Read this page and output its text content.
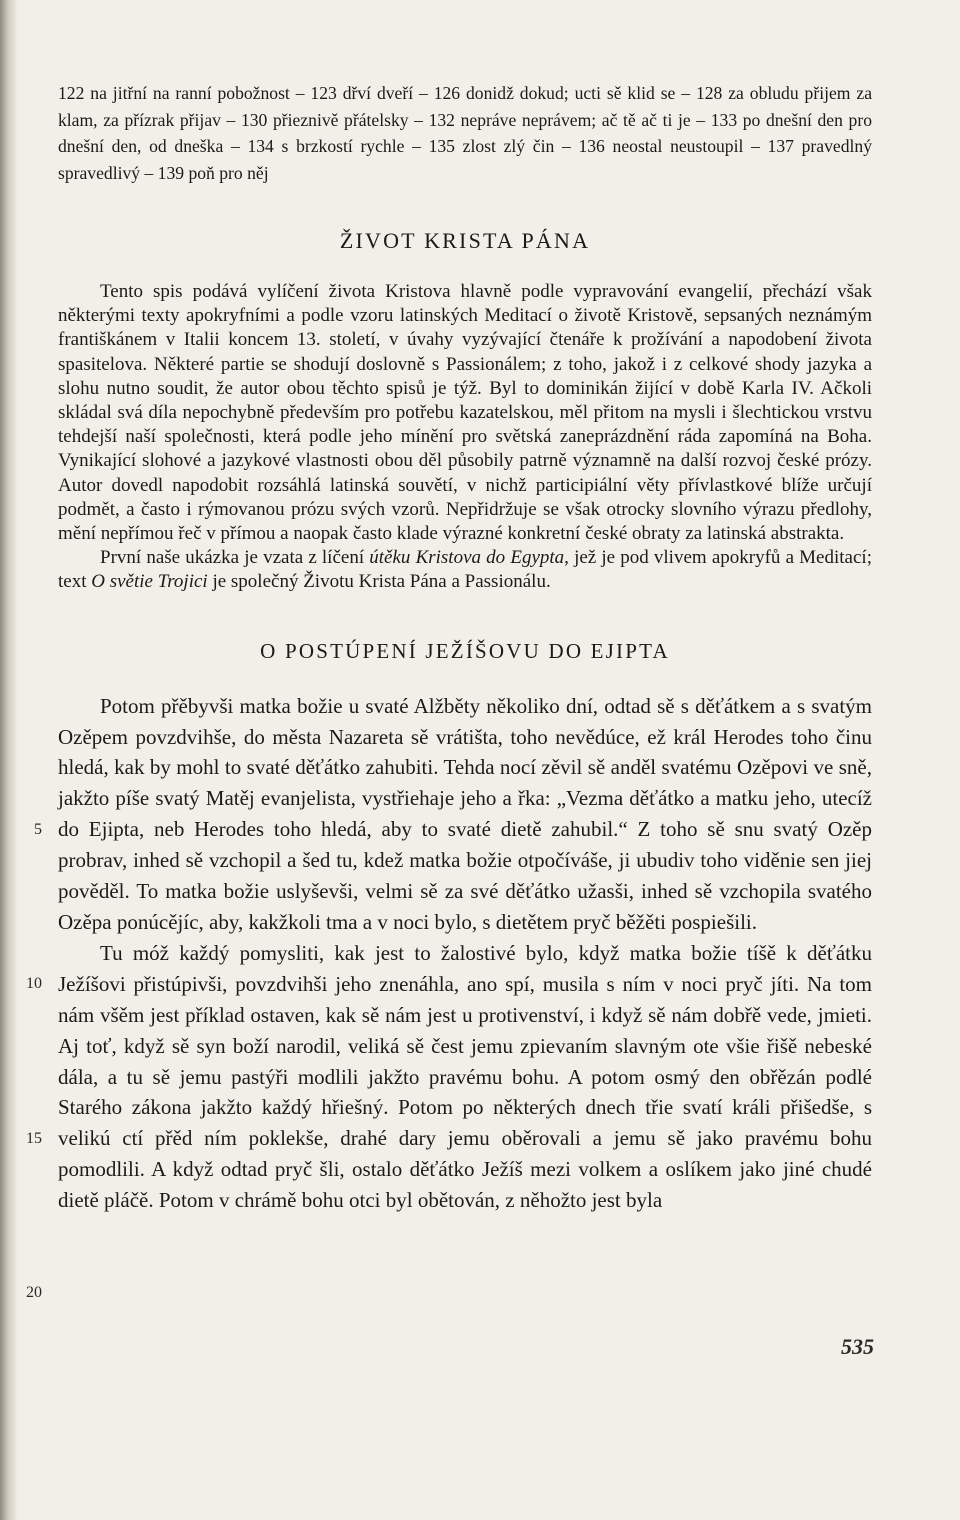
122 na jitřní na ranní pobožnost – 123 dřví dveří – 126 donidž dokud; ucti sě klid se – 128 za obludu přijem za klam, za přízrak přijav – 130 přieznivě přátelsky – 132 nepráve neprávem; ač tě ač ti je – 133 po dnešní den pro dnešní den, od dneška – 134 s brzkostí rychle – 135 zlost zlý čin – 136 neostal neustoupil – 137 pravedlný spravedlivý – 139 poň pro něj

ŽIVOT KRISTA PÁNA

Tento spis podává vylíčení života Kristova hlavně podle vypravování evangelií, přechází však některými texty apokryfními a podle vzoru latinských Meditací o životě Kristově, sepsaných neznámým františkánem v Italii koncem 13. století, v úvahy vyzývající čtenáře k prožívání a napodobení života spasitelova. Některé partie se shodují doslovně s Passionálem; z toho, jakož i z celkové shody jazyka a slohu nutno soudit, že autor obou těchto spisů je týž. Byl to dominikán žijící v době Karla IV. Ačkoli skládal svá díla nepochybně především pro potřebu kazatelskou, měl přitom na mysli i šlechtickou vrstvu tehdejší naší společnosti, která podle jeho mínění pro světská zaneprázdnění ráda zapomíná na Boha. Vynikající slohové a jazykové vlastnosti obou děl působily patrně významně na další rozvoj české prózy. Autor dovedl napodobit rozsáhlá latinská souvětí, v nichž participiální věty přívlastkové blíže určují podmět, a často i rýmovanou prózu svých vzorů. Nepřidržuje se však otrocky slovního výrazu předlohy, mění nepřímou řeč v přímou a naopak často klade výrazné konkretní české obraty za latinská abstrakta.

První naše ukázka je vzata z líčení útěku Kristova do Egypta, jež je pod vlivem apokryfů a Meditací; text O světie Trojici je společný Životu Krista Pána a Passionálu.

O POSTÚPENÍ JEŽÍŠOVU DO EJIPTA
5
10
15
20

Potom přěbyvši matka božie u svaté Alžběty několiko dní, odtad sě s děťátkem a s svatým Ozěpem povzdvihše, do města Nazareta sě vrátišta, toho nevědúce, ež král Herodes toho činu hledá, kak by mohl to svaté děťátko zahubiti. Tehda nocí zěvil sě anděl svatému Ozěpovi ve sně, jakžto píše svatý Matěj evanjelista, vystřiehaje jeho a řka: „Vezma děťátko a matku jeho, utecíž do Ejipta, neb Herodes toho hledá, aby to svaté dietě zahubil.“ Z toho sě snu svatý Ozěp probrav, inhed sě vzchopil a šed tu, kdež matka božie otpočíváše, ji ubudiv toho viděnie sen jiej pověděl. To matka božie uslyševši, velmi sě za své děťátko užasši, inhed sě vzchopila svatého Ozěpa ponúcějíc, aby, kakžkoli tma a v noci bylo, s dietětem pryč běžěti pospiešili.

Tu móž každý pomysliti, kak jest to žalostivé bylo, když matka božie tíšě k děťátku Ježíšovi přistúpivši, povzdvihši jeho znenáhla, ano spí, musila s ním v noci pryč jíti. Na tom nám všěm jest příklad ostaven, kak sě nám jest u protivenství, i když sě nám dobřě vede, jmieti. Aj toť, když sě syn boží narodil, veliká sě čest jemu zpievaním slavným ote všie řišě nebeské dála, a tu sě jemu pastýři modlili jakžto pravému bohu. A potom osmý den obřězán podlé Starého zákona jakžto každý hřiešný. Potom po některých dnech třie svatí králi přišedše, s velikú ctí přěd ním poklekše, drahé dary jemu oběrovali a jemu sě jako pravému bohu pomodlili. A když odtad pryč šli, ostalo děťátko Ježíš mezi volkem a oslíkem jako jiné chudé dietě pláčě. Potom v chrámě bohu otci byl obětován, z něhožto jest byla

535
